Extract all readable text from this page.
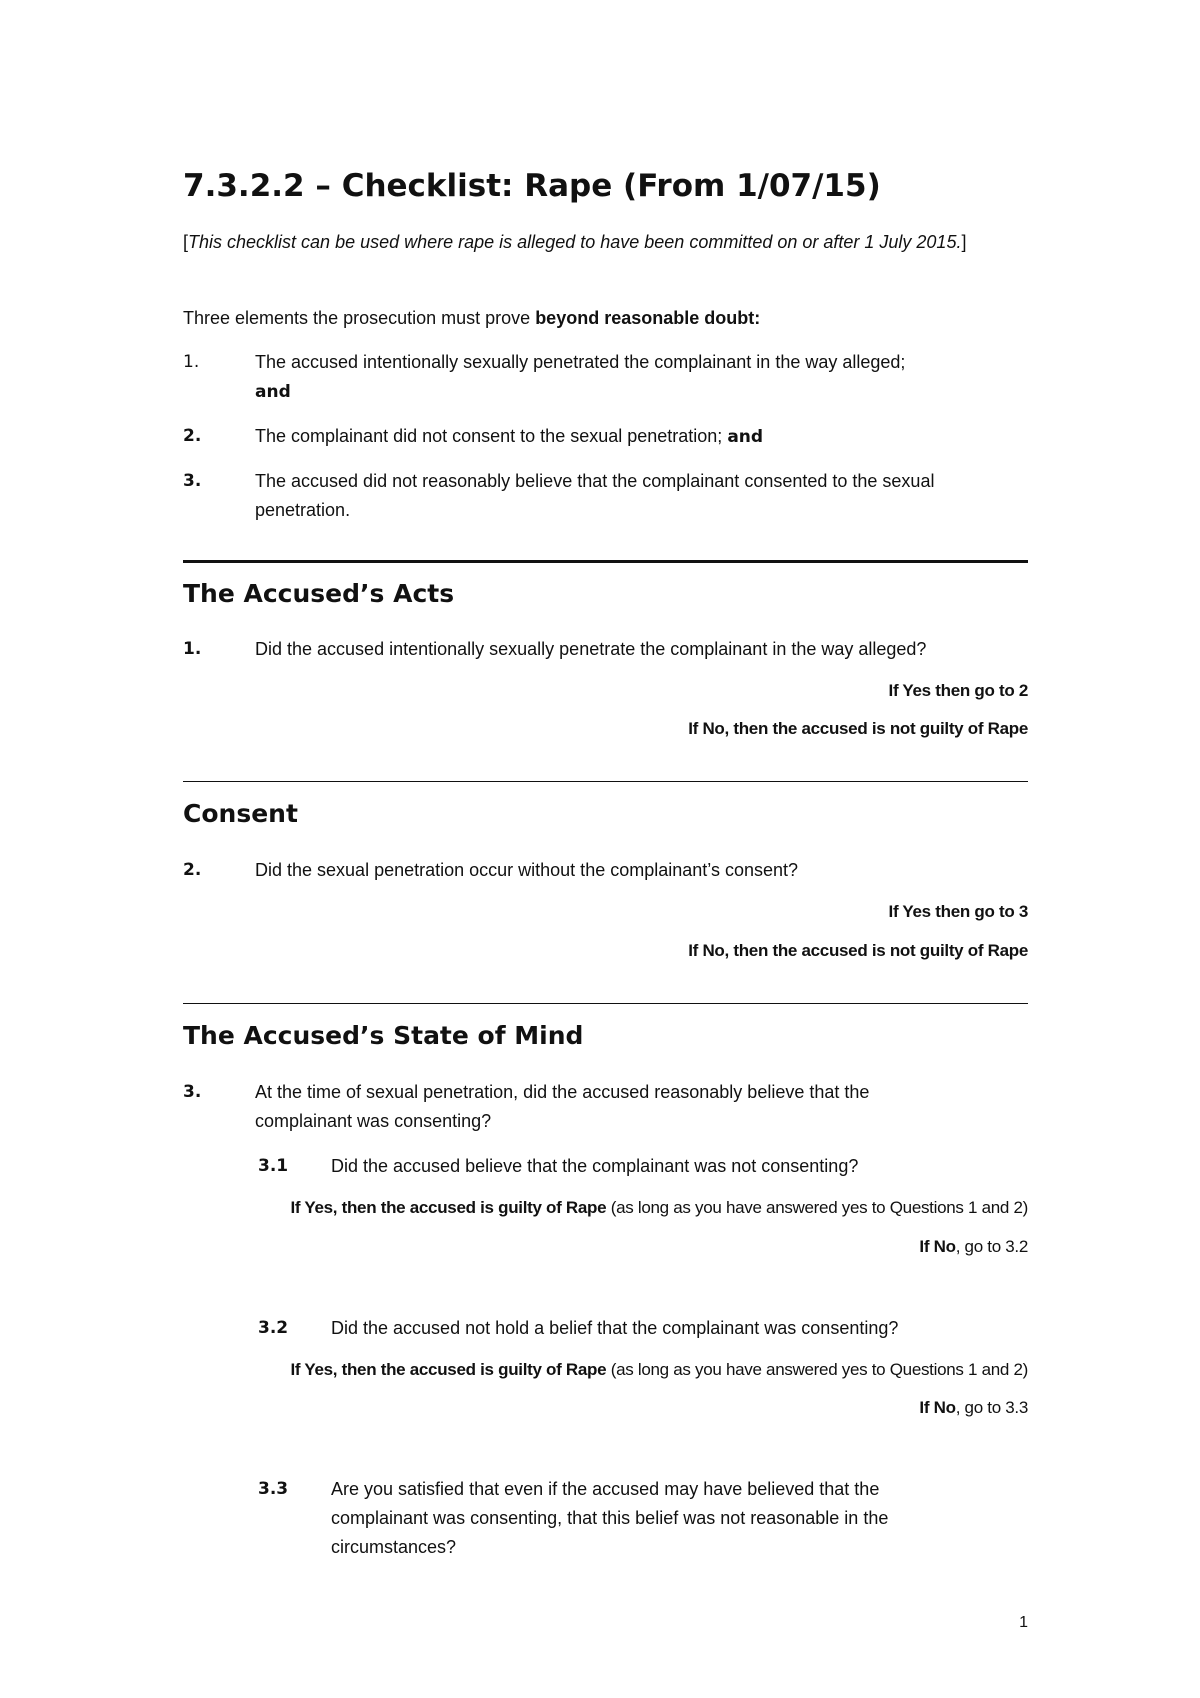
7.3.2.2 – Checklist: Rape (From 1/07/15)

[This checklist can be used where rape is alleged to have been committed on or after 1 July 2015.]

Three elements the prosecution must prove beyond reasonable doubt:

1.	The accused intentionally sexually penetrated the complainant in the way alleged;
and
2.	The complainant did not consent to the sexual penetration; and
3.	The accused did not reasonably believe that the complainant consented to the sexual penetration.
The Accused’s Acts
1.	Did the accused intentionally sexually penetrate the complainant in the way alleged?
If Yes then go to 2
If No, then the accused is not guilty of Rape
Consent
2.	Did the sexual penetration occur without the complainant’s consent?
If Yes then go to 3
If No, then the accused is not guilty of Rape
The Accused’s State of Mind
3.	At the time of sexual penetration, did the accused reasonably believe that the complainant was consenting?
3.1 Did the accused believe that the complainant was not consenting?
If Yes, then the accused is guilty of Rape (as long as you have answered yes to Questions 1 and 2)
If No, go to 3.2
3.2 Did the accused not hold a belief that the complainant was consenting?
If Yes, then the accused is guilty of Rape (as long as you have answered yes to Questions 1 and 2)
If No, go to 3.3
3.3 Are you satisfied that even if the accused may have believed that the complainant was consenting, that this belief was not reasonable in the circumstances?
1
